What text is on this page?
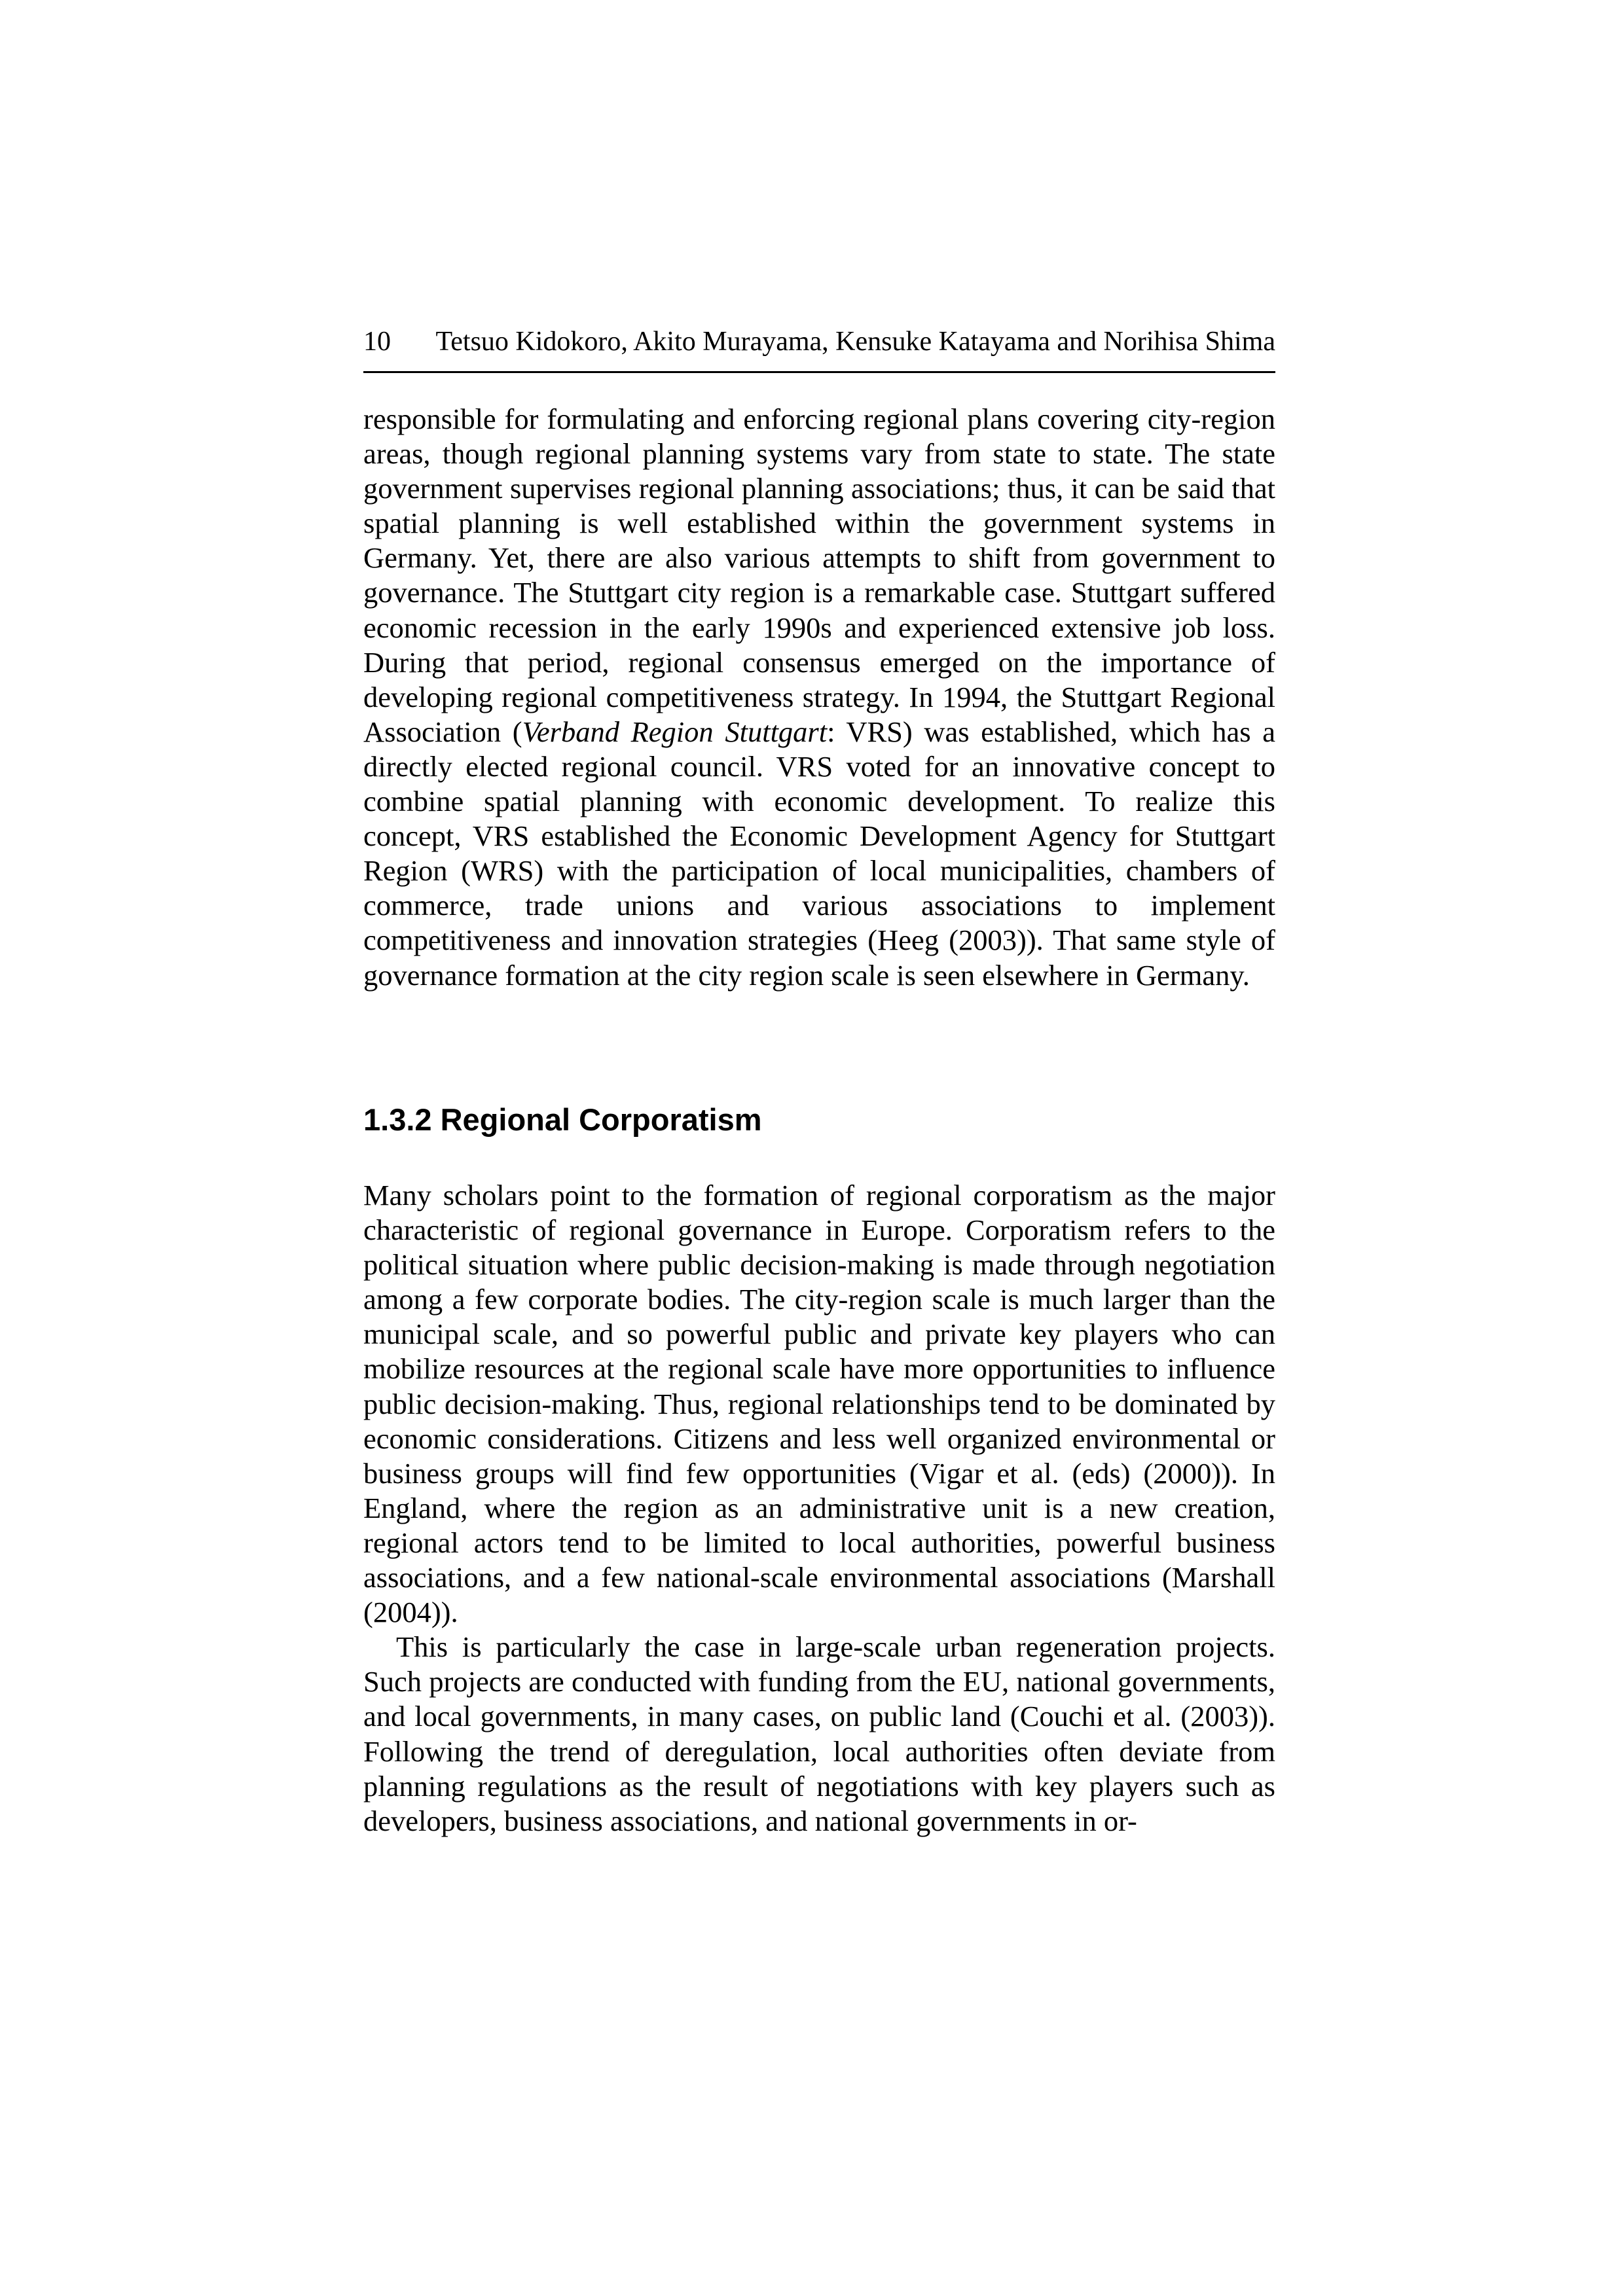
10 Tetsuo Kidokoro, Akito Murayama, Kensuke Katayama and Norihisa Shima

responsible for formulating and enforcing regional plans covering city-region areas, though regional planning systems vary from state to state. The state government supervises regional planning associations; thus, it can be said that spatial planning is well established within the government systems in Germany. Yet, there are also various attempts to shift from government to governance. The Stuttgart city region is a remarkable case. Stuttgart suffered economic recession in the early 1990s and experienced extensive job loss. During that period, regional consensus emerged on the importance of developing regional competitiveness strategy. In 1994, the Stuttgart Regional Association (Verband Region Stuttgart: VRS) was established, which has a directly elected regional council. VRS voted for an innovative concept to combine spatial planning with economic development. To realize this concept, VRS established the Economic Development Agency for Stuttgart Region (WRS) with the participation of local municipalities, chambers of commerce, trade unions and various associations to implement competitiveness and innovation strategies (Heeg (2003)). That same style of governance formation at the city region scale is seen elsewhere in Germany.

1.3.2 Regional Corporatism

Many scholars point to the formation of regional corporatism as the major characteristic of regional governance in Europe. Corporatism refers to the political situation where public decision-making is made through negotiation among a few corporate bodies. The city-region scale is much larger than the municipal scale, and so powerful public and private key players who can mobilize resources at the regional scale have more opportunities to influence public decision-making. Thus, regional relationships tend to be dominated by economic considerations. Citizens and less well organized environmental or business groups will find few opportunities (Vigar et al. (eds) (2000)). In England, where the region as an administrative unit is a new creation, regional actors tend to be limited to local authorities, powerful business associations, and a few national-scale environmental associations (Marshall (2004)).

This is particularly the case in large-scale urban regeneration projects. Such projects are conducted with funding from the EU, national governments, and local governments, in many cases, on public land (Couchi et al. (2003)). Following the trend of deregulation, local authorities often deviate from planning regulations as the result of negotiations with key players such as developers, business associations, and national governments in or-
